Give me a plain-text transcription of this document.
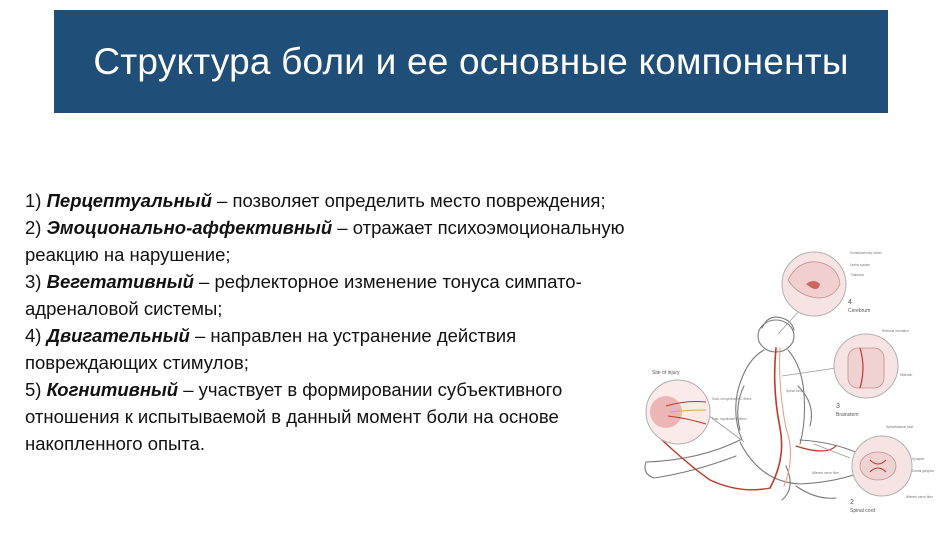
Структура боли и ее основные компоненты

1) Перцептуальный – позволяет определить место повреждения;

2) Эмоционально-аффективный – отражает психоэмоциональную реакцию на нарушение;

3) Вегетативный – рефлекторное изменение тонуса симпато-адреналовой системы;

4) Двигательный – направлен на устранение действия повреждающих стимулов;

5) Когнитивный – участвует в формировании субъективного отношения к испытываемой в данный момент боли на основе накопленного опыта.

4
Cerebrum
Somatosensory cortex
Limbic system
Thalamus
3
Brainstem
Reticular formation
Midbrain
2
Spinal cord
Spinothalamic tract
Synapse
Dorsal ganglion
Afferent nerve fiber
Site of injury
Slow, unmyelinated C fibers
Fast, myelinated A fibers
Spinal cord
Afferent nerve fiber
